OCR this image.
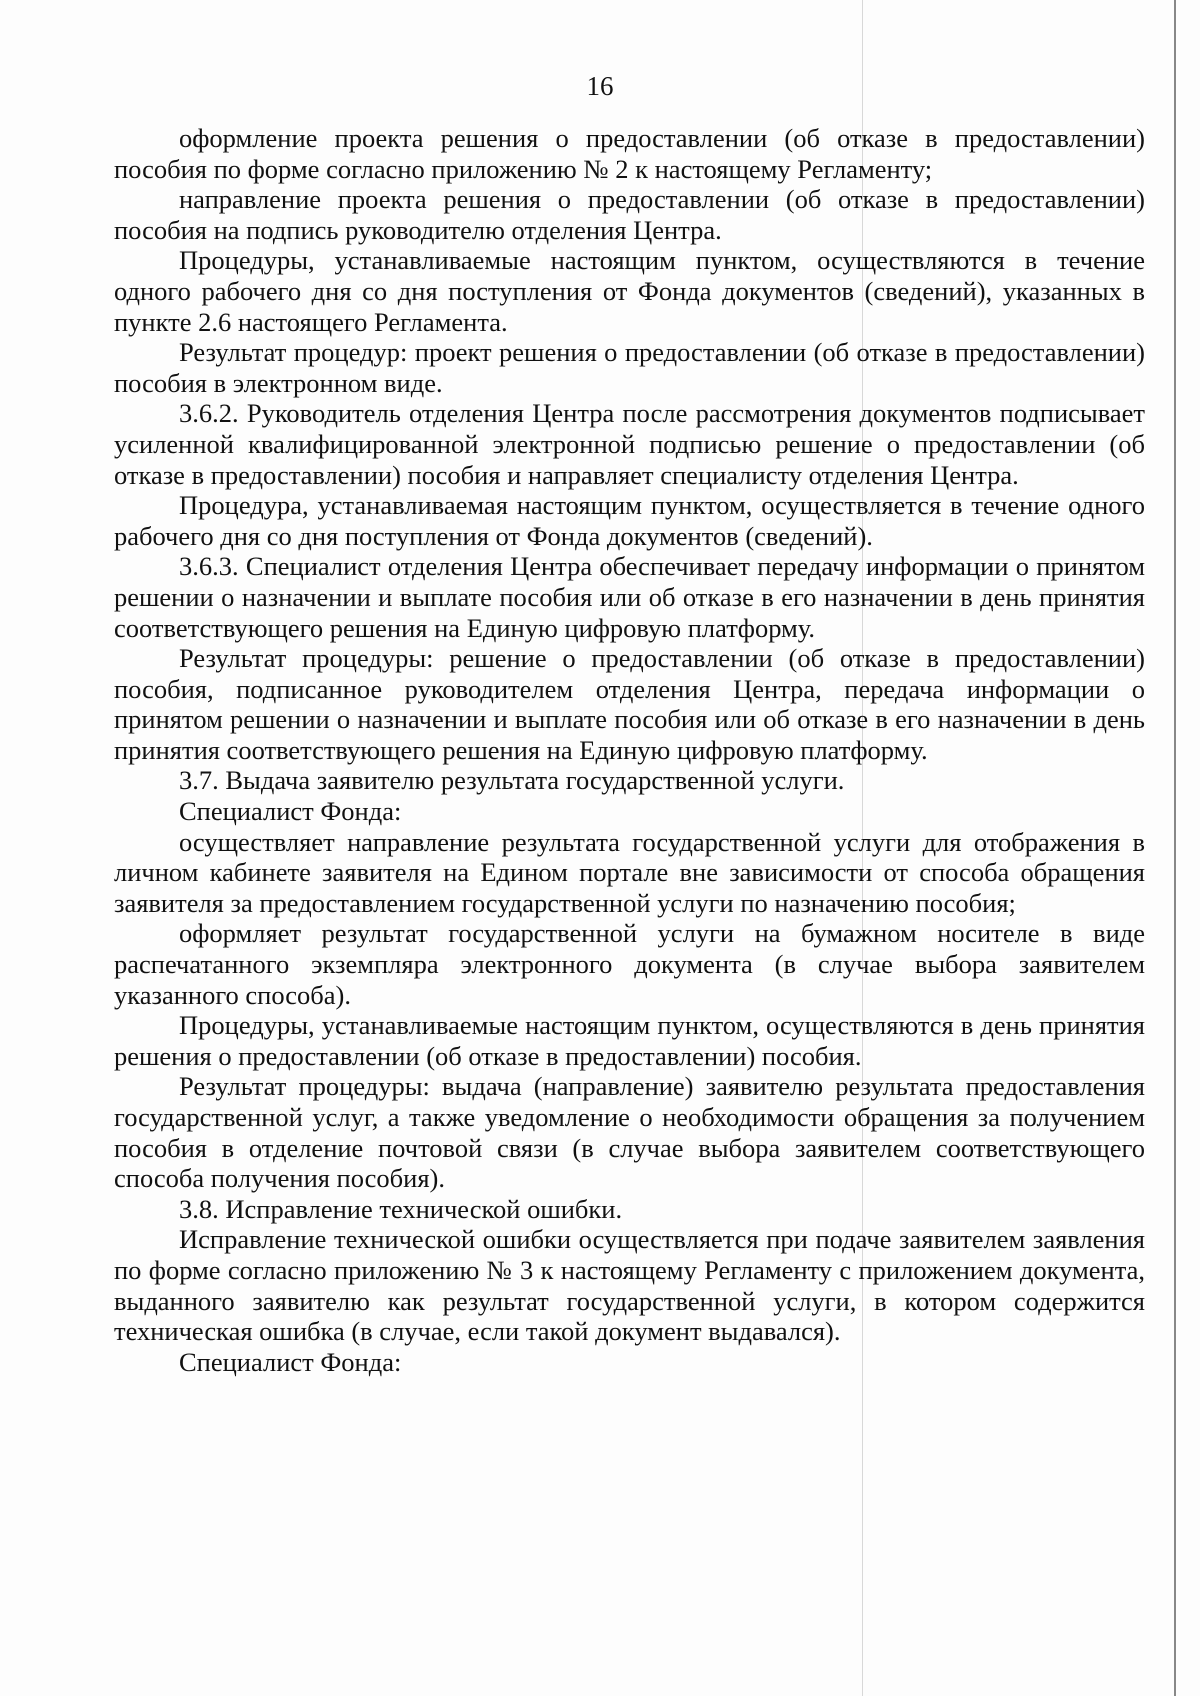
16

оформление проекта решения о предоставлении (об отказе в предоставлении) пособия по форме согласно приложению № 2 к настоящему Регламенту;

направление проекта решения о предоставлении (об отказе в предоставлении) пособия на подпись руководителю отделения Центра.

Процедуры, устанавливаемые настоящим пунктом, осуществляются в течение одного рабочего дня со дня поступления от Фонда документов (сведений), указанных в пункте 2.6 настоящего Регламента.

Результат процедур: проект решения о предоставлении (об отказе в предоставлении) пособия в электронном виде.

3.6.2. Руководитель отделения Центра после рассмотрения документов подписывает усиленной квалифицированной электронной подписью решение о предоставлении (об отказе в предоставлении) пособия и направляет специалисту отделения Центра.

Процедура, устанавливаемая настоящим пунктом, осуществляется в течение одного рабочего дня со дня поступления от Фонда документов (сведений).

3.6.3. Специалист отделения Центра обеспечивает передачу информации о принятом решении о назначении и выплате пособия или об отказе в его назначении в день принятия соответствующего решения на Единую цифровую платформу.

Результат процедуры: решение о предоставлении (об отказе в предоставлении) пособия, подписанное руководителем отделения Центра, передача информации о принятом решении о назначении и выплате пособия или об отказе в его назначении в день принятия соответствующего решения на Единую цифровую платформу.

3.7. Выдача заявителю результата государственной услуги.

Специалист Фонда:

осуществляет направление результата государственной услуги для отображения в личном кабинете заявителя на Едином портале вне зависимости от способа обращения заявителя за предоставлением государственной услуги по назначению пособия;

оформляет результат государственной услуги на бумажном носителе в виде распечатанного экземпляра электронного документа (в случае выбора заявителем указанного способа).

Процедуры, устанавливаемые настоящим пунктом, осуществляются в день принятия решения о предоставлении (об отказе в предоставлении) пособия.

Результат процедуры: выдача (направление) заявителю результата предоставления государственной услуг, а также уведомление о необходимости обращения за получением пособия в отделение почтовой связи (в случае выбора заявителем соответствующего способа получения пособия).

3.8. Исправление технической ошибки.

Исправление технической ошибки осуществляется при подаче заявителем заявления по форме согласно приложению № 3 к настоящему Регламенту с приложением документа, выданного заявителю как результат государственной услуги, в котором содержится техническая ошибка (в случае, если такой документ выдавался).

Специалист Фонда:
